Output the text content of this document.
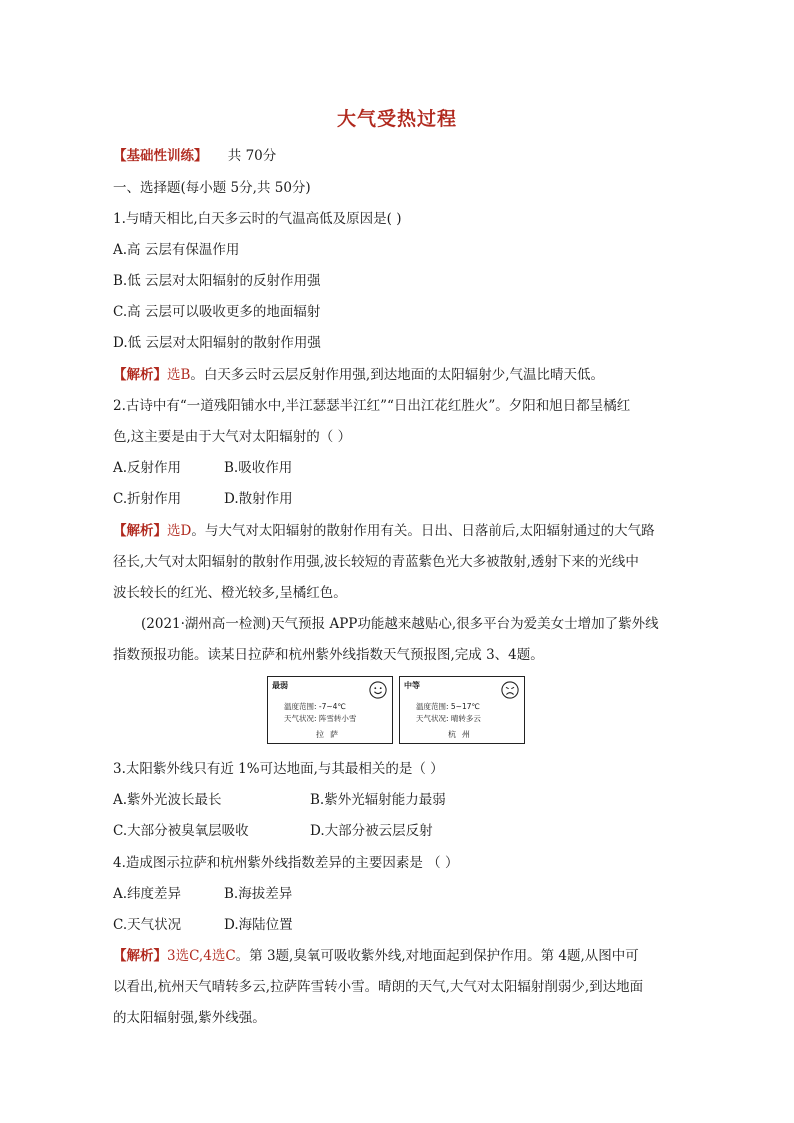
大气受热过程
【基础性训练】 共 70分
一、选择题(每小题 5分,共 50分)
1.与晴天相比,白天多云时的气温高低及原因是( )
A.高 云层有保温作用
B.低 云层对太阳辐射的反射作用强
C.高 云层可以吸收更多的地面辐射
D.低 云层对太阳辐射的散射作用强
【解析】选B。白天多云时云层反射作用强,到达地面的太阳辐射少,气温比晴天低。
2.古诗中有“一道残阳铺水中,半江瑟瑟半江红”“日出江花红胜火”。夕阳和旭日都呈橘红
色,这主要是由于大气对太阳辐射的（ ）
A.反射作用	B.吸收作用
C.折射作用	D.散射作用
【解析】选D。与大气对太阳辐射的散射作用有关。日出、日落前后,太阳辐射通过的大气路
径长,大气对太阳辐射的散射作用强,波长较短的青蓝紫色光大多被散射,透射下来的光线中
波长较长的红光、橙光较多,呈橘红色。
(2021·湖州高一检测)天气预报 APP功能越来越贴心,很多平台为爱美女士增加了紫外线
指数预报功能。读某日拉萨和杭州紫外线指数天气预报图,完成 3、4题。
最弱
温度范围: -7~4℃
天气状况: 阵雪转小雪
拉萨
中等
温度范围: 5~17℃
天气状况: 晴转多云
杭州
3.太阳紫外线只有近 1%可达地面,与其最相关的是（ ）
A.紫外光波长最长	B.紫外光辐射能力最弱
C.大部分被臭氧层吸收	D.大部分被云层反射
4.造成图示拉萨和杭州紫外线指数差异的主要因素是 （ ）
A.纬度差异	B.海拔差异
C.天气状况	D.海陆位置
【解析】3选C,4选C。第 3题,臭氧可吸收紫外线,对地面起到保护作用。第 4题,从图中可
以看出,杭州天气晴转多云,拉萨阵雪转小雪。晴朗的天气,大气对太阳辐射削弱少,到达地面
的太阳辐射强,紫外线强。
